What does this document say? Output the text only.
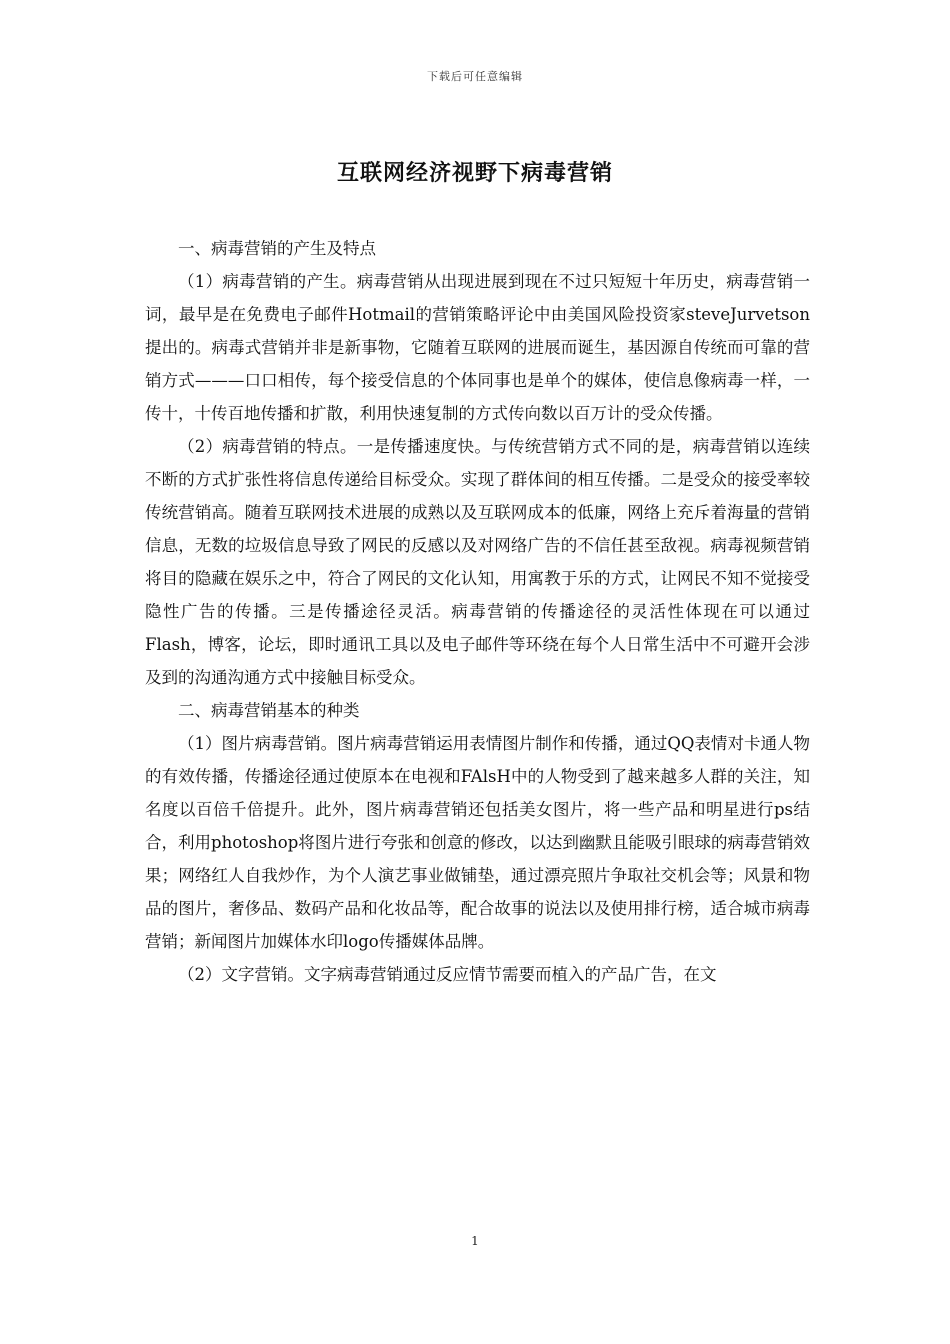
下载后可任意编辑
互联网经济视野下病毒营销

一、病毒营销的产生及特点

（1）病毒营销的产生。病毒营销从出现进展到现在不过只短短十年历史，病毒营销一词，最早是在免费电子邮件Hotmail的营销策略评论中由美国风险投资家steveJurvetson提出的。病毒式营销并非是新事物，它随着互联网的进展而诞生，基因源自传统而可靠的营销方式———口口相传，每个接受信息的个体同事也是单个的媒体，使信息像病毒一样，一传十，十传百地传播和扩散，利用快速复制的方式传向数以百万计的受众传播。

（2）病毒营销的特点。一是传播速度快。与传统营销方式不同的是，病毒营销以连续不断的方式扩张性将信息传递给目标受众。实现了群体间的相互传播。二是受众的接受率较传统营销高。随着互联网技术进展的成熟以及互联网成本的低廉，网络上充斥着海量的营销信息，无数的垃圾信息导致了网民的反感以及对网络广告的不信任甚至敌视。病毒视频营销将目的隐藏在娱乐之中，符合了网民的文化认知，用寓教于乐的方式，让网民不知不觉接受隐性广告的传播。三是传播途径灵活。病毒营销的传播途径的灵活性体现在可以通过Flash，博客，论坛，即时通讯工具以及电子邮件等环绕在每个人日常生活中不可避开会涉及到的沟通沟通方式中接触目标受众。

二、病毒营销基本的种类

（1）图片病毒营销。图片病毒营销运用表情图片制作和传播，通过QQ表情对卡通人物的有效传播，传播途径通过使原本在电视和FAlsH中的人物受到了越来越多人群的关注，知名度以百倍千倍提升。此外，图片病毒营销还包括美女图片，将一些产品和明星进行ps结合，利用photoshop将图片进行夸张和创意的修改，以达到幽默且能吸引眼球的病毒营销效果；网络红人自我炒作，为个人演艺事业做铺垫，通过漂亮照片争取社交机会等；风景和物品的图片，奢侈品、数码产品和化妆品等，配合故事的说法以及使用排行榜，适合城市病毒营销；新闻图片加媒体水印logo传播媒体品牌。

（2）文字营销。文字病毒营销通过反应情节需要而植入的产品广告，在文

1
